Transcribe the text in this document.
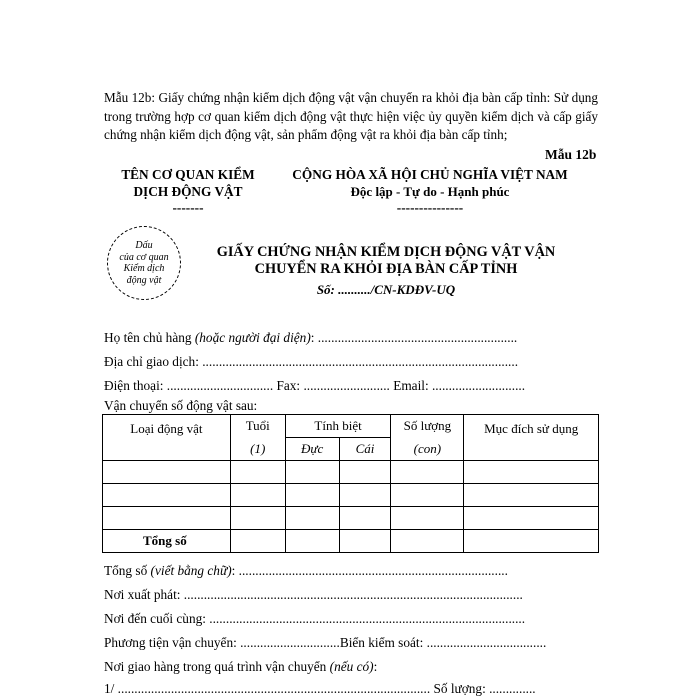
Mẫu 12b: Giấy chứng nhận kiểm dịch động vật vận chuyển ra khỏi địa bàn cấp tỉnh: Sử dụng trong trường hợp cơ quan kiểm dịch động vật thực hiện việc ủy quyền kiểm dịch và cấp giấy chứng nhận kiểm dịch động vật, sản phẩm động vật ra khỏi địa bàn cấp tỉnh;
Mẫu 12b
TÊN CƠ QUAN KIỂM
DỊCH ĐỘNG VẬT
-------
CỘNG HÒA XÃ HỘI CHỦ NGHĨA VIỆT NAM
Độc lập - Tự do - Hạnh phúc
---------------
Dấu
của cơ quan
Kiểm dịch
động vật
GIẤY CHỨNG NHẬN KIỂM DỊCH ĐỘNG VẬT VẬN
CHUYỂN RA KHỎI ĐỊA BÀN CẤP TỈNH
Số: ........../CN-KDĐV-UQ
Họ tên chủ hàng (hoặc người đại diện): ............................................................
Địa chỉ giao dịch: ...............................................................................................
Điện thoại: ................................ Fax: .......................... Email: ............................
Vận chuyển số động vật sau:
Loại động vật	Tuổi	Tính biệt		Số lượng	Mục đích sử dụng
	(1)	Đực	Cái	(con)	

Tổng số					
Tổng số (viết bằng chữ): .................................................................................
Nơi xuất phát: ......................................................................................................
Nơi đến cuối cùng: ...............................................................................................
Phương tiện vận chuyển: ..............................Biển kiểm soát: ....................................
Nơi giao hàng trong quá trình vận chuyển (nếu có):
1/ .............................................................................................. Số lượng: ..............
